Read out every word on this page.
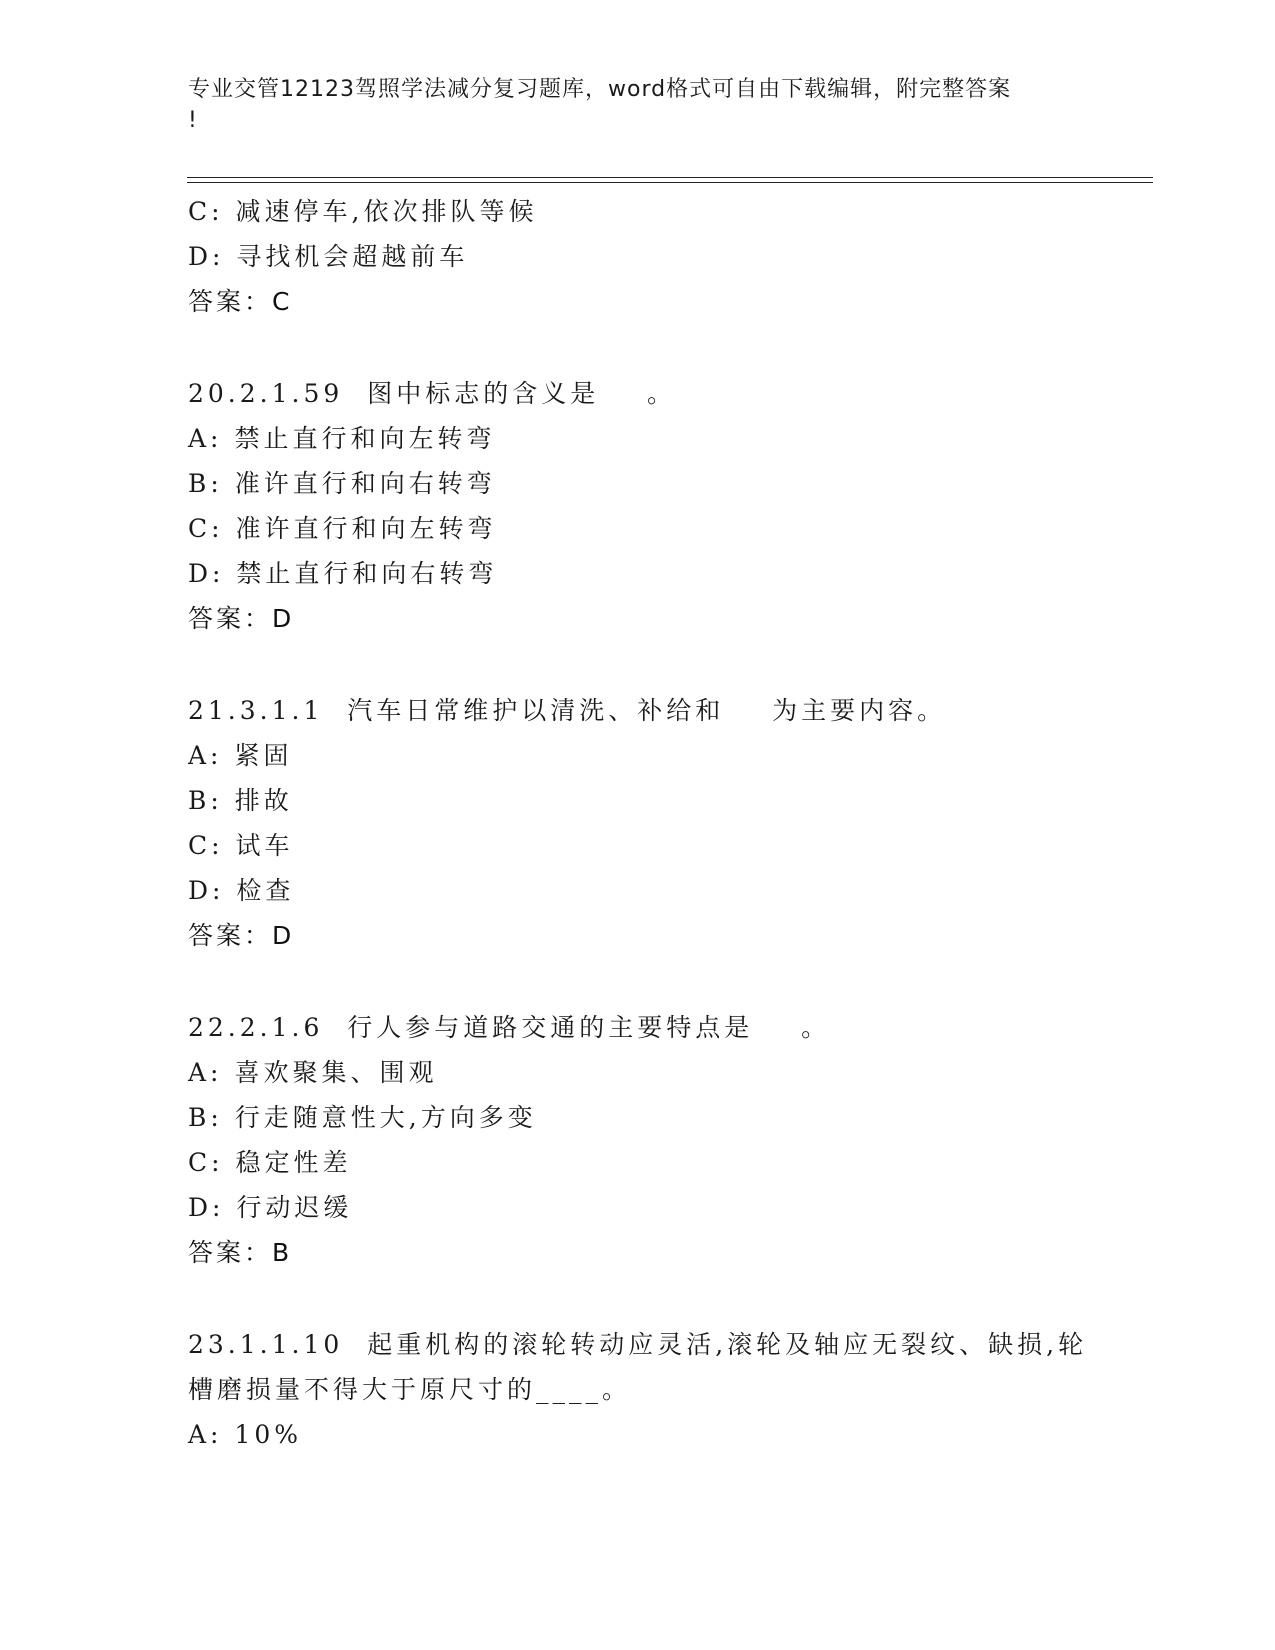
专业交管12123驾照学法减分复习题库，word格式可自由下载编辑，附完整答案
!
C: 减速停车,依次排队等候
D: 寻找机会超越前车
答案：C
20.2.1.59 图中标志的含义是    。
A: 禁止直行和向左转弯
B: 准许直行和向右转弯
C: 准许直行和向左转弯
D: 禁止直行和向右转弯
答案：D
21.3.1.1 汽车日常维护以清洗、补给和    为主要内容。
A: 紧固
B: 排故
C: 试车
D: 检查
答案：D
22.2.1.6 行人参与道路交通的主要特点是    。
A: 喜欢聚集、围观
B: 行走随意性大,方向多变
C: 稳定性差
D: 行动迟缓
答案：B
23.1.1.10 起重机构的滚轮转动应灵活,滚轮及轴应无裂纹、缺损,轮槽磨损量不得大于原尺寸的____。
A: 10%
